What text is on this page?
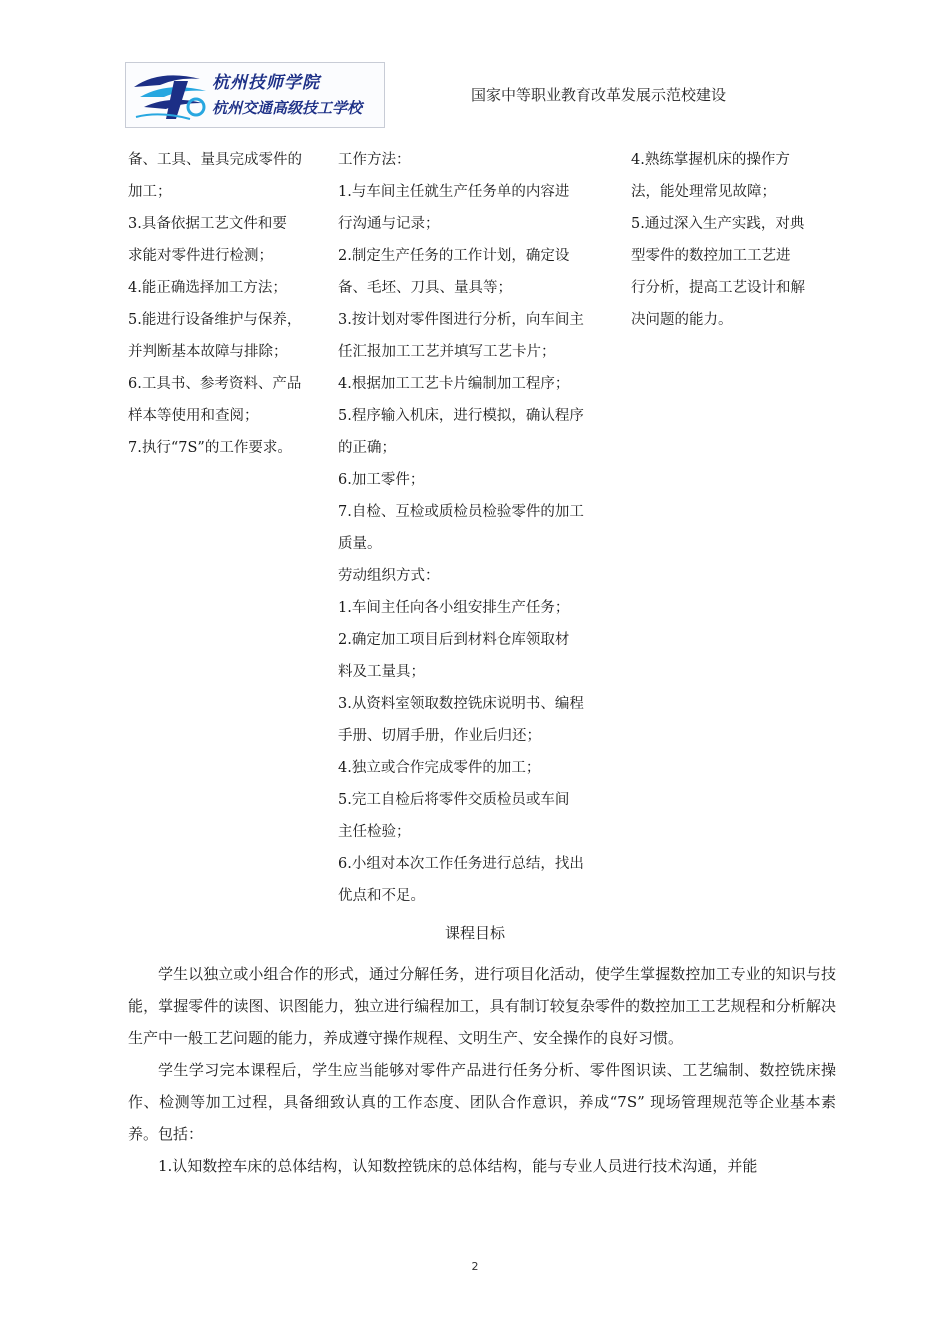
杭州技师学院
杭州交通高级技工学校
国家中等职业教育改革发展示范校建设

备、工具、量具完成零件的

加工；

3.具备依据工艺文件和要

求能对零件进行检测；

4.能正确选择加工方法；

5.能进行设备维护与保养，

并判断基本故障与排除；

6.工具书、参考资料、产品

样本等使用和查阅；

7.执行“7S”的工作要求。

工作方法：

1.与车间主任就生产任务单的内容进

行沟通与记录；

2.制定生产任务的工作计划，确定设

备、毛坯、刀具、量具等；

3.按计划对零件图进行分析，向车间主

任汇报加工工艺并填写工艺卡片；

4.根据加工工艺卡片编制加工程序；

5.程序输入机床，进行模拟，确认程序

的正确；

6.加工零件；

7.自检、互检或质检员检验零件的加工

质量。

劳动组织方式：

1.车间主任向各小组安排生产任务；

2.确定加工项目后到材料仓库领取材

料及工量具；

3.从资料室领取数控铣床说明书、编程

手册、切屑手册，作业后归还；

4.独立或合作完成零件的加工；

5.完工自检后将零件交质检员或车间

主任检验；

6.小组对本次工作任务进行总结，找出

优点和不足。

4.熟练掌握机床的操作方

法，能处理常见故障；

5.通过深入生产实践，对典

型零件的数控加工工艺进

行分析，提高工艺设计和解

决问题的能力。

课程目标

学生以独立或小组合作的形式，通过分解任务，进行项目化活动，使学生掌握数控加工专业的知识与技能，掌握零件的读图、识图能力，独立进行编程加工，具有制订较复杂零件的数控加工工艺规程和分析解决生产中一般工艺问题的能力，养成遵守操作规程、文明生产、安全操作的良好习惯。

学生学习完本课程后，学生应当能够对零件产品进行任务分析、零件图识读、工艺编制、数控铣床操作、检测等加工过程，具备细致认真的工作态度、团队合作意识，养成“7S” 现场管理规范等企业基本素养。包括：

1.认知数控车床的总体结构，认知数控铣床的总体结构，能与专业人员进行技术沟通，并能

2
